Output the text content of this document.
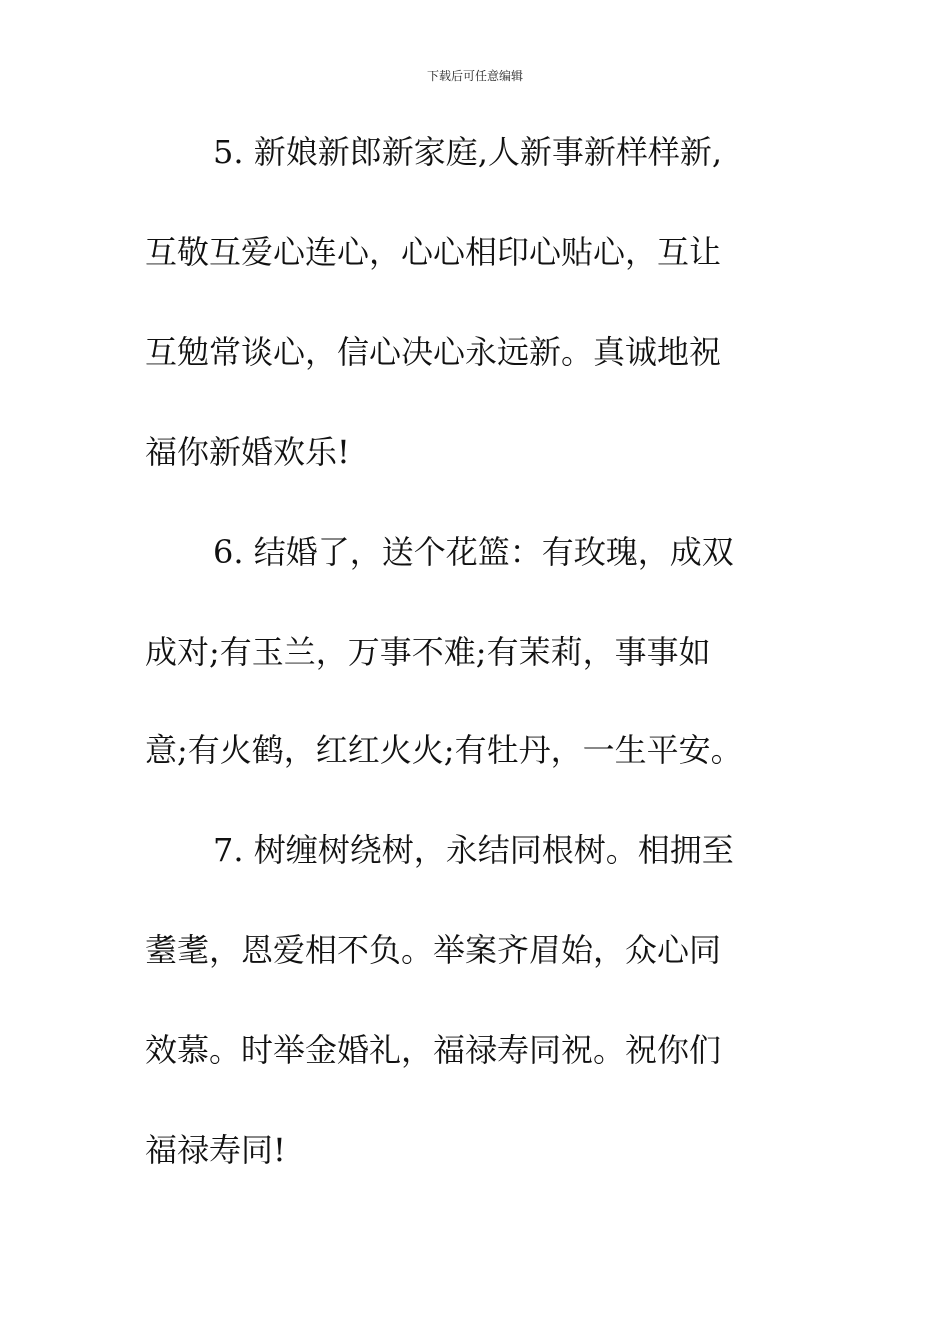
下载后可任意编辑
5. 新娘新郎新家庭,人新事新样样新,
互敬互爱心连心，心心相印心贴心，互让
互勉常谈心，信心决心永远新。真诚地祝
福你新婚欢乐!
6. 结婚了，送个花篮：有玫瑰，成双
成对;有玉兰，万事不难;有茉莉，事事如
意;有火鹤，红红火火;有牡丹，一生平安。
7. 树缠树绕树，永结同根树。相拥至
耋耄，恩爱相不负。举案齐眉始，众心同
效慕。时举金婚礼，福禄寿同祝。祝你们
福禄寿同!
